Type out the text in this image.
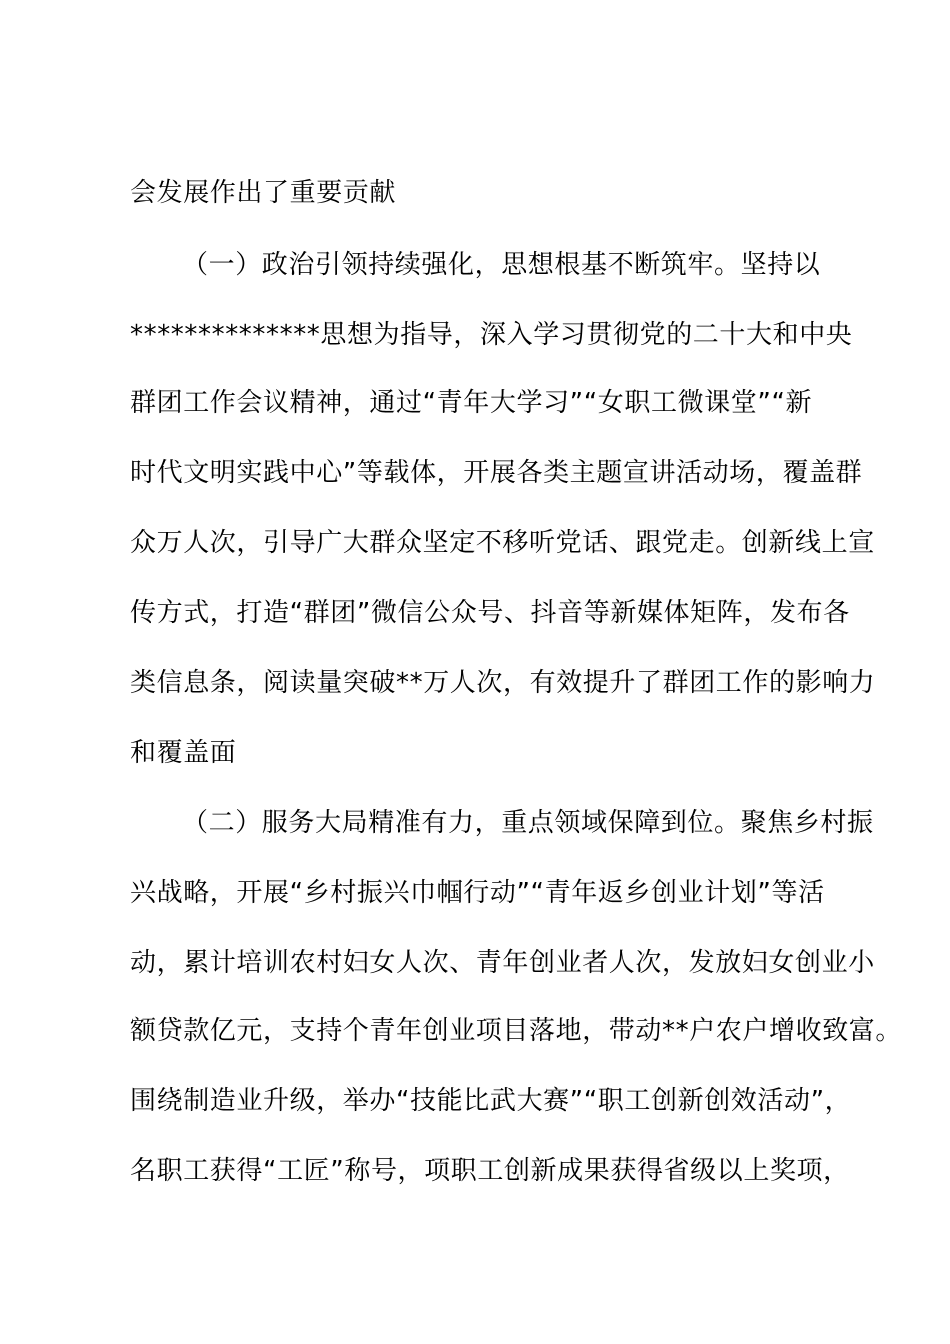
会发展作出了重要贡献
（一）政治引领持续强化，思想根基不断筑牢。坚持以
**************思想为指导，深入学习贯彻党的二十大和中央
群团工作会议精神，通过“青年大学习”“女职工微课堂”“新
时代文明实践中心”等载体，开展各类主题宣讲活动场，覆盖群
众万人次，引导广大群众坚定不移听党话、跟党走。创新线上宣
传方式，打造“群团”微信公众号、抖音等新媒体矩阵，发布各
类信息条，阅读量突破**万人次，有效提升了群团工作的影响力
和覆盖面
（二）服务大局精准有力，重点领域保障到位。聚焦乡村振
兴战略，开展“乡村振兴巾帼行动”“青年返乡创业计划”等活
动，累计培训农村妇女人次、青年创业者人次，发放妇女创业小
额贷款亿元，支持个青年创业项目落地，带动**户农户增收致富。
围绕制造业升级，举办“技能比武大赛”“职工创新创效活动”，
名职工获得“工匠”称号，项职工创新成果获得省级以上奖项，
